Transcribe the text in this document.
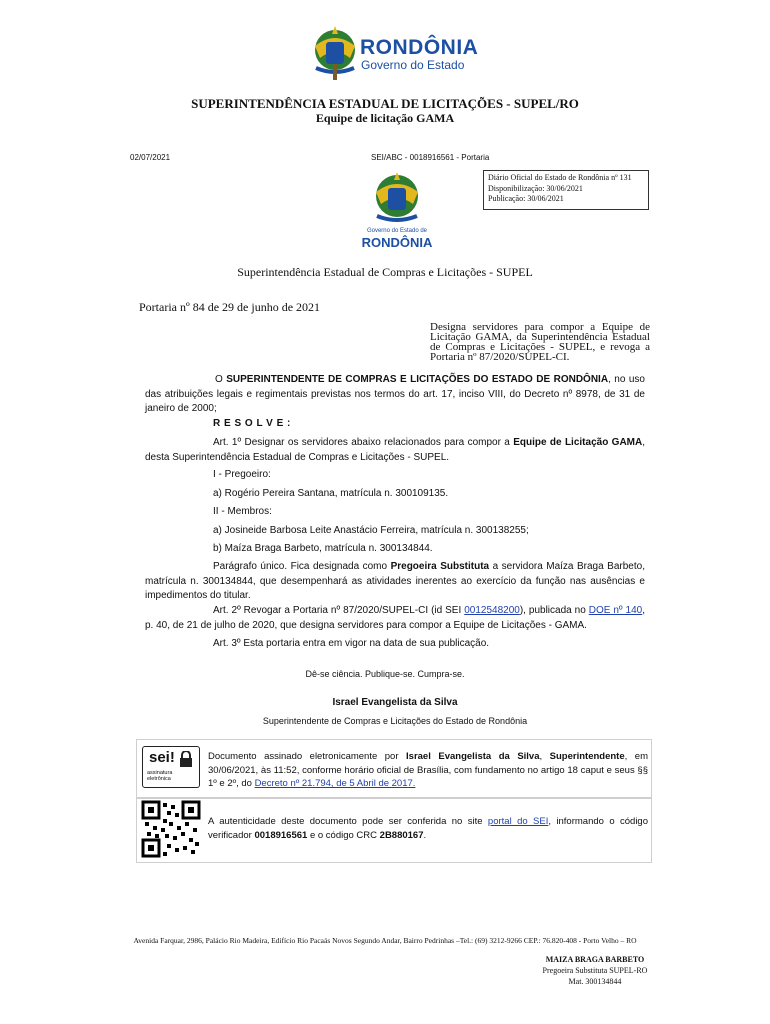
RONDÔNIA
Governo do Estado
SUPERINTENDÊNCIA ESTADUAL DE LICITAÇÕES - SUPEL/RO
Equipe de licitação GAMA
02/07/2021	SEI/ABC - 0018916561 - Portaria
Diário Oficial do Estado de Rondônia nº 131
Disponibilização: 30/06/2021
Publicação: 30/06/2021
Governo do Estado de
RONDÔNIA
Superintendência Estadual de Compras e Licitações - SUPEL
Portaria nº 84 de 29 de junho de 2021
Designa servidores para compor a Equipe de Licitação GAMA, da Superintendência Estadual de Compras e Licitações - SUPEL, e revoga a Portaria nº 87/2020/SUPEL-CI.
O SUPERINTENDENTE DE COMPRAS E LICITAÇÕES DO ESTADO DE RONDÔNIA, no uso das atribuições legais e regimentais previstas nos termos do art. 17, inciso VIII, do Decreto nº 8978, de 31 de janeiro de 2000;
R E S O L V E :
Art. 1º Designar os servidores abaixo relacionados para compor a Equipe de Licitação GAMA, desta Superintendência Estadual de Compras e Licitações - SUPEL.
I - Pregoeiro:
a) Rogério Pereira Santana, matrícula n. 300109135.
II - Membros:
a) Josineide Barbosa Leite Anastácio Ferreira, matrícula n. 300138255;
b) Maíza Braga Barbeto, matrícula n. 300134844.
Parágrafo único. Fica designada como Pregoeira Substituta a servidora Maíza Braga Barbeto, matrícula n. 300134844, que desempenhará as atividades inerentes ao exercício da função nas ausências e impedimentos do titular.
Art. 2º Revogar a Portaria nº 87/2020/SUPEL-CI (id SEI 0012548200), publicada no DOE nº 140, p. 40, de 21 de julho de 2020, que designa servidores para compor a Equipe de Licitações - GAMA.
Art. 3º Esta portaria entra em vigor na data de sua publicação.
Dê-se ciência. Publique-se. Cumpra-se.
Israel Evangelista da Silva
Superintendente de Compras e Licitações do Estado de Rondônia
sei!
assinatura eletrônica
Documento assinado eletronicamente por Israel Evangelista da Silva, Superintendente, em 30/06/2021, às 11:52, conforme horário oficial de Brasília, com fundamento no artigo 18 caput e seus §§ 1º e 2º, do Decreto nº 21.794, de 5 Abril de 2017.
A autenticidade deste documento pode ser conferida no site portal do SEI, informando o código verificador 0018916561 e o código CRC 2B880167.
Avenida Farquar, 2986, Palácio Rio Madeira, Edifício Rio Pacaás Novos Segundo Andar, Bairro Pedrinhas –Tel.: (69) 3212-9266 CEP.: 76.820-408 - Porto Velho – RO
MAIZA BRAGA BARBETO
Pregoeira Substituta SUPEL-RO
Mat. 300134844
